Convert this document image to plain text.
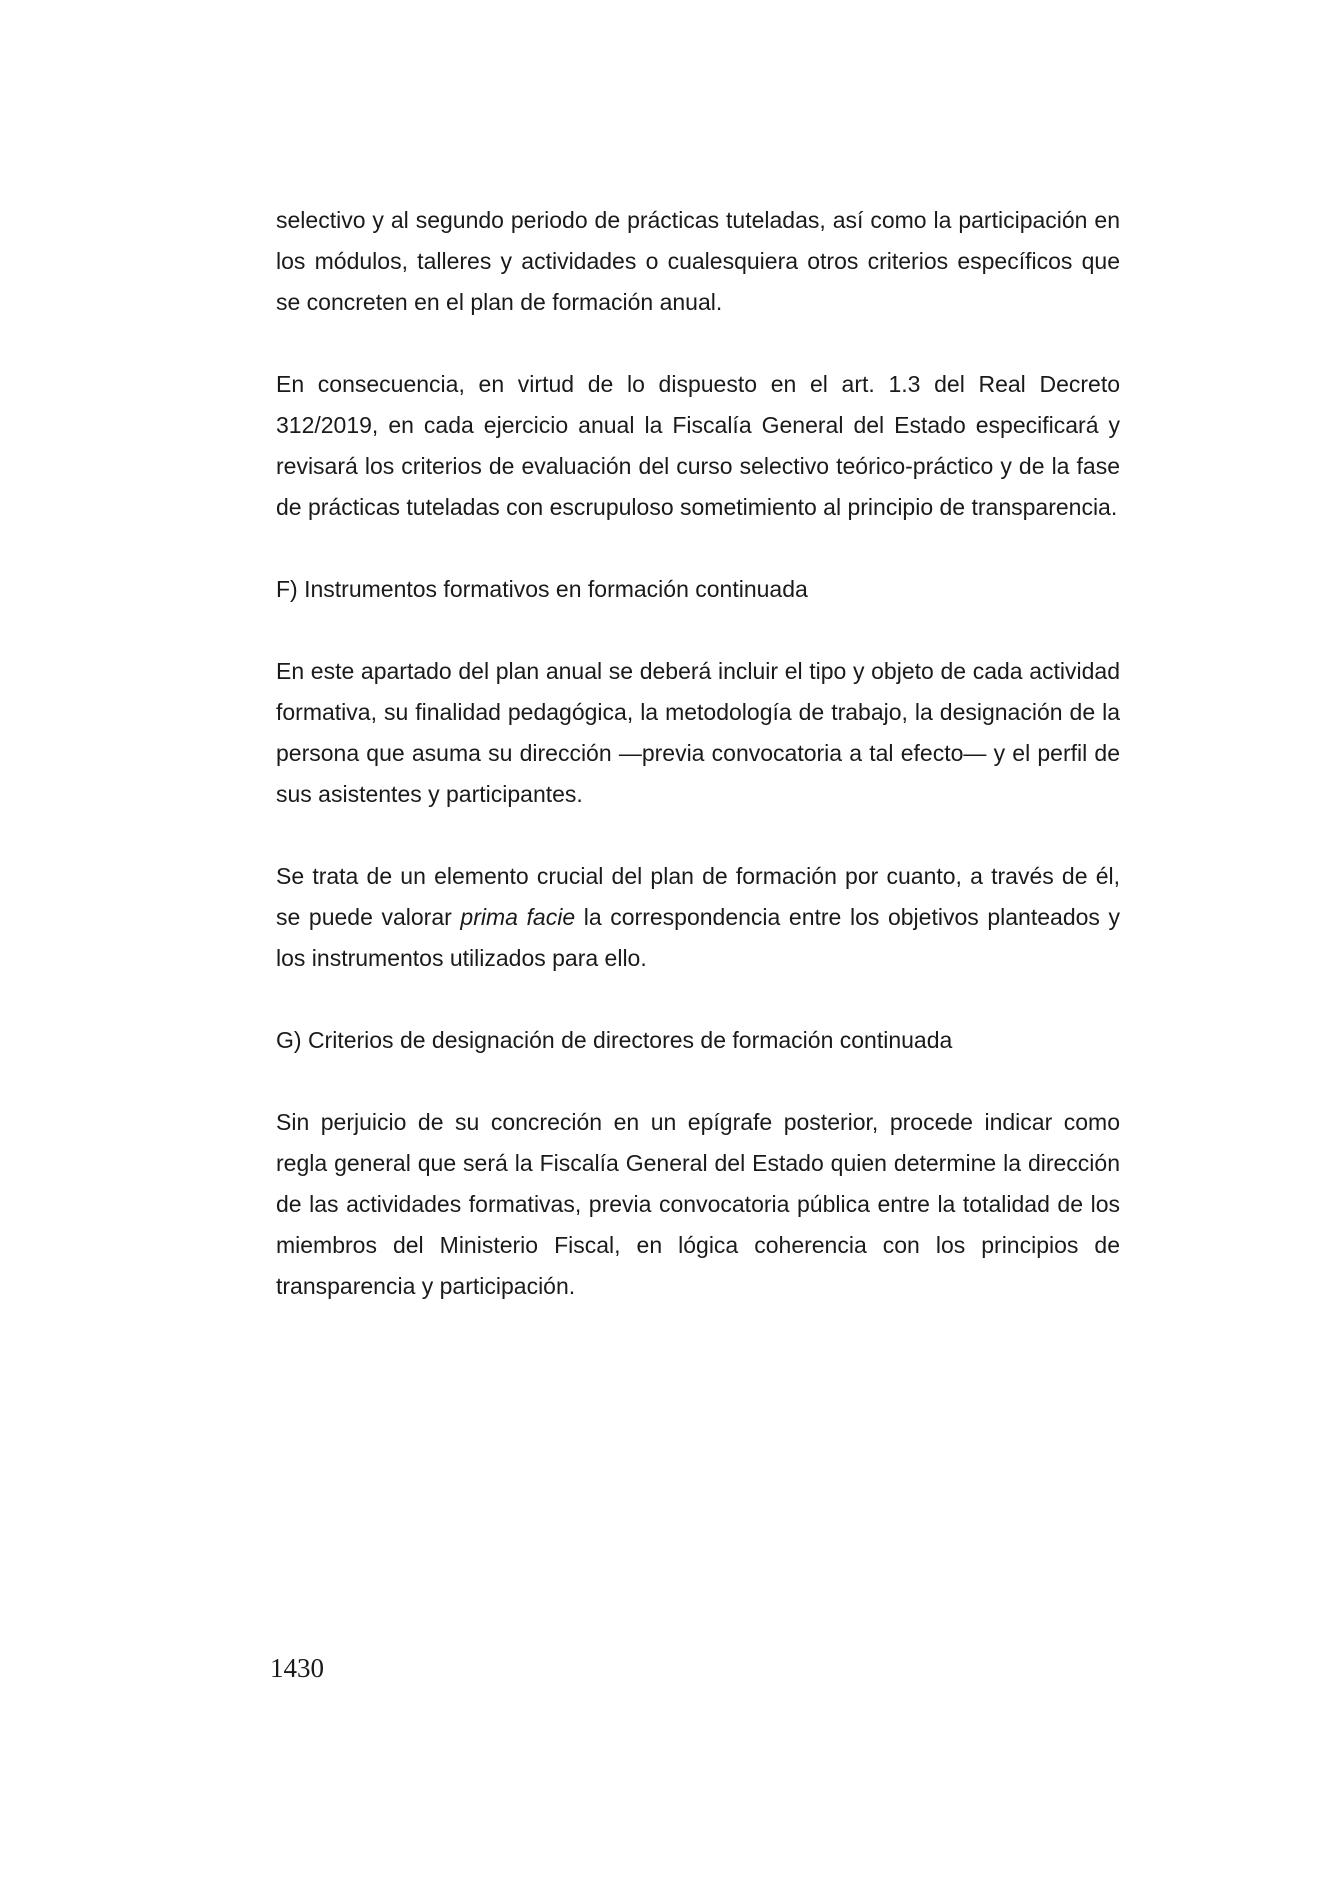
selectivo y al segundo periodo de prácticas tuteladas, así como la participación en los módulos, talleres y actividades o cualesquiera otros criterios específicos que se concreten en el plan de formación anual.

En consecuencia, en virtud de lo dispuesto en el art. 1.3 del Real Decreto 312/2019, en cada ejercicio anual la Fiscalía General del Estado especificará y revisará los criterios de evaluación del curso selectivo teórico-práctico y de la fase de prácticas tuteladas con escrupuloso sometimiento al principio de transparencia.

F) Instrumentos formativos en formación continuada

En este apartado del plan anual se deberá incluir el tipo y objeto de cada actividad formativa, su finalidad pedagógica, la metodología de trabajo, la designación de la persona que asuma su dirección —previa convocatoria a tal efecto— y el perfil de sus asistentes y participantes.

Se trata de un elemento crucial del plan de formación por cuanto, a través de él, se puede valorar prima facie la correspondencia entre los objetivos planteados y los instrumentos utilizados para ello.

G) Criterios de designación de directores de formación continuada

Sin perjuicio de su concreción en un epígrafe posterior, procede indicar como regla general que será la Fiscalía General del Estado quien determine la dirección de las actividades formativas, previa convocatoria pública entre la totalidad de los miembros del Ministerio Fiscal, en lógica coherencia con los principios de transparencia y participación.

1430
